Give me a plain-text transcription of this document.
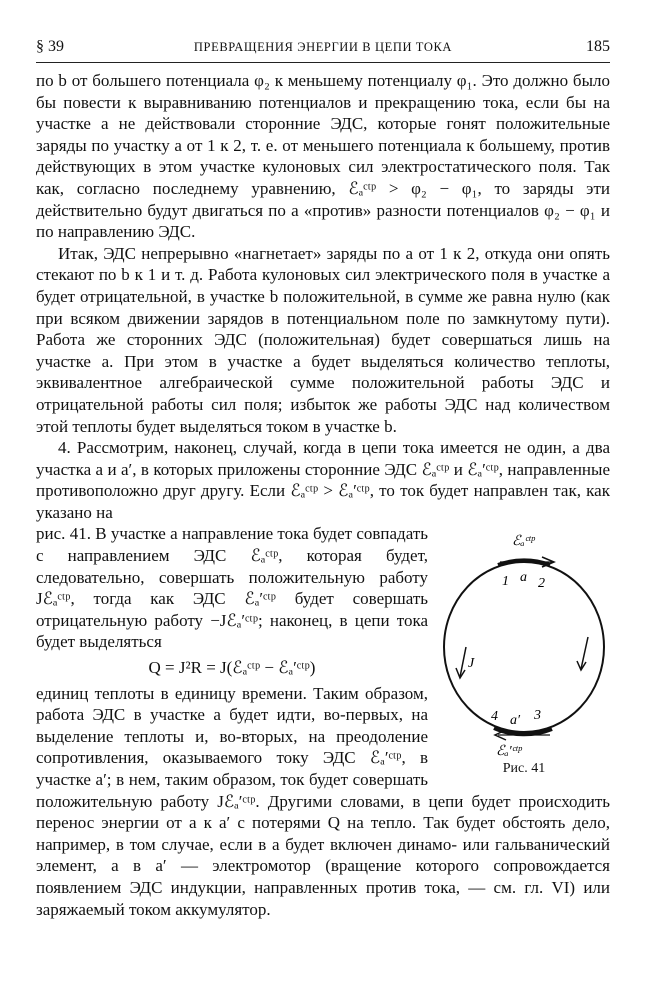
§ 39	ПРЕВРАЩЕНИЯ ЭНЕРГИИ В ЦЕПИ ТОКА	185

по b от большего потенциала φ₂ к меньшему потенциалу φ₁. Это должно было бы повести к выравниванию потенциалов и прекращению тока, если бы на участке a не действовали сторонние ЭДС, которые гонят положительные заряды по участку a от 1 к 2, т. е. от меньшего потенциала к большему, против действующих в этом участке кулоновых сил электростатического поля. Так как, согласно последнему уравнению, ℰₐᶜᵗᵖ > φ₂ − φ₁, то заряды эти действительно будут двигаться по a «против» разности потенциалов φ₂ − φ₁ и по направлению ЭДС.

Итак, ЭДС непрерывно «нагнетает» заряды по a от 1 к 2, откуда они опять стекают по b к 1 и т. д. Работа кулоновых сил электрического поля в участке a будет отрицательной, в участке b положительной, в сумме же равна нулю (как при всяком движении зарядов в потенциальном поле по замкнутому пути). Работа же сторонних ЭДС (положительная) будет совершаться лишь на участке a. При этом в участке a будет выделяться количество теплоты, эквивалентное алгебраической сумме положительной работы ЭДС и отрицательной работы сил поля; избыток же работы ЭДС над количеством этой теплоты будет выделяться током в участке b.

4. Рассмотрим, наконец, случай, когда в цепи тока имеется не один, а два участка a и a′, в которых приложены сторонние ЭДС ℰₐᶜᵗᵖ и ℰₐ′ᶜᵗᵖ, направленные противоположно друг другу. Если ℰₐᶜᵗᵖ > ℰₐ′ᶜᵗᵖ, то ток будет направлен так, как указано на

ℰₐᶜᵗᵖ
1 a 2
J
4 a′ 3
ℰₐ′ᶜᵗᵖ
Рис. 41

рис. 41. В участке a направление тока будет совпадать с направлением ЭДС ℰₐᶜᵗᵖ, которая будет, следовательно, совершать положительную работу Jℰₐᶜᵗᵖ, тогда как ЭДС ℰₐ′ᶜᵗᵖ будет совершать отрицательную работу −Jℰₐ′ᶜᵗᵖ; наконец, в цепи тока будет выделяться

Q = J²R = J(ℰₐᶜᵗᵖ − ℰₐ′ᶜᵗᵖ)

единиц теплоты в единицу времени. Таким образом, работа ЭДС в участке a будет идти, во-первых, на выделение теплоты и, во-вторых, на преодоление сопротивления, оказываемого току ЭДС ℰₐ′ᶜᵗᵖ, в участке a′; в нем, таким образом, ток будет совершать положительную работу Jℰₐ′ᶜᵗᵖ. Другими словами, в цепи будет происходить перенос энергии от a к a′ с потерями Q на тепло. Так будет обстоять дело, например, в том случае, если в a будет включен динамо- или гальванический элемент, а в a′ — электромотор (вращение которого сопровождается появлением ЭДС индукции, направленных против тока, — см. гл. VI) или заряжаемый током аккумулятор.
